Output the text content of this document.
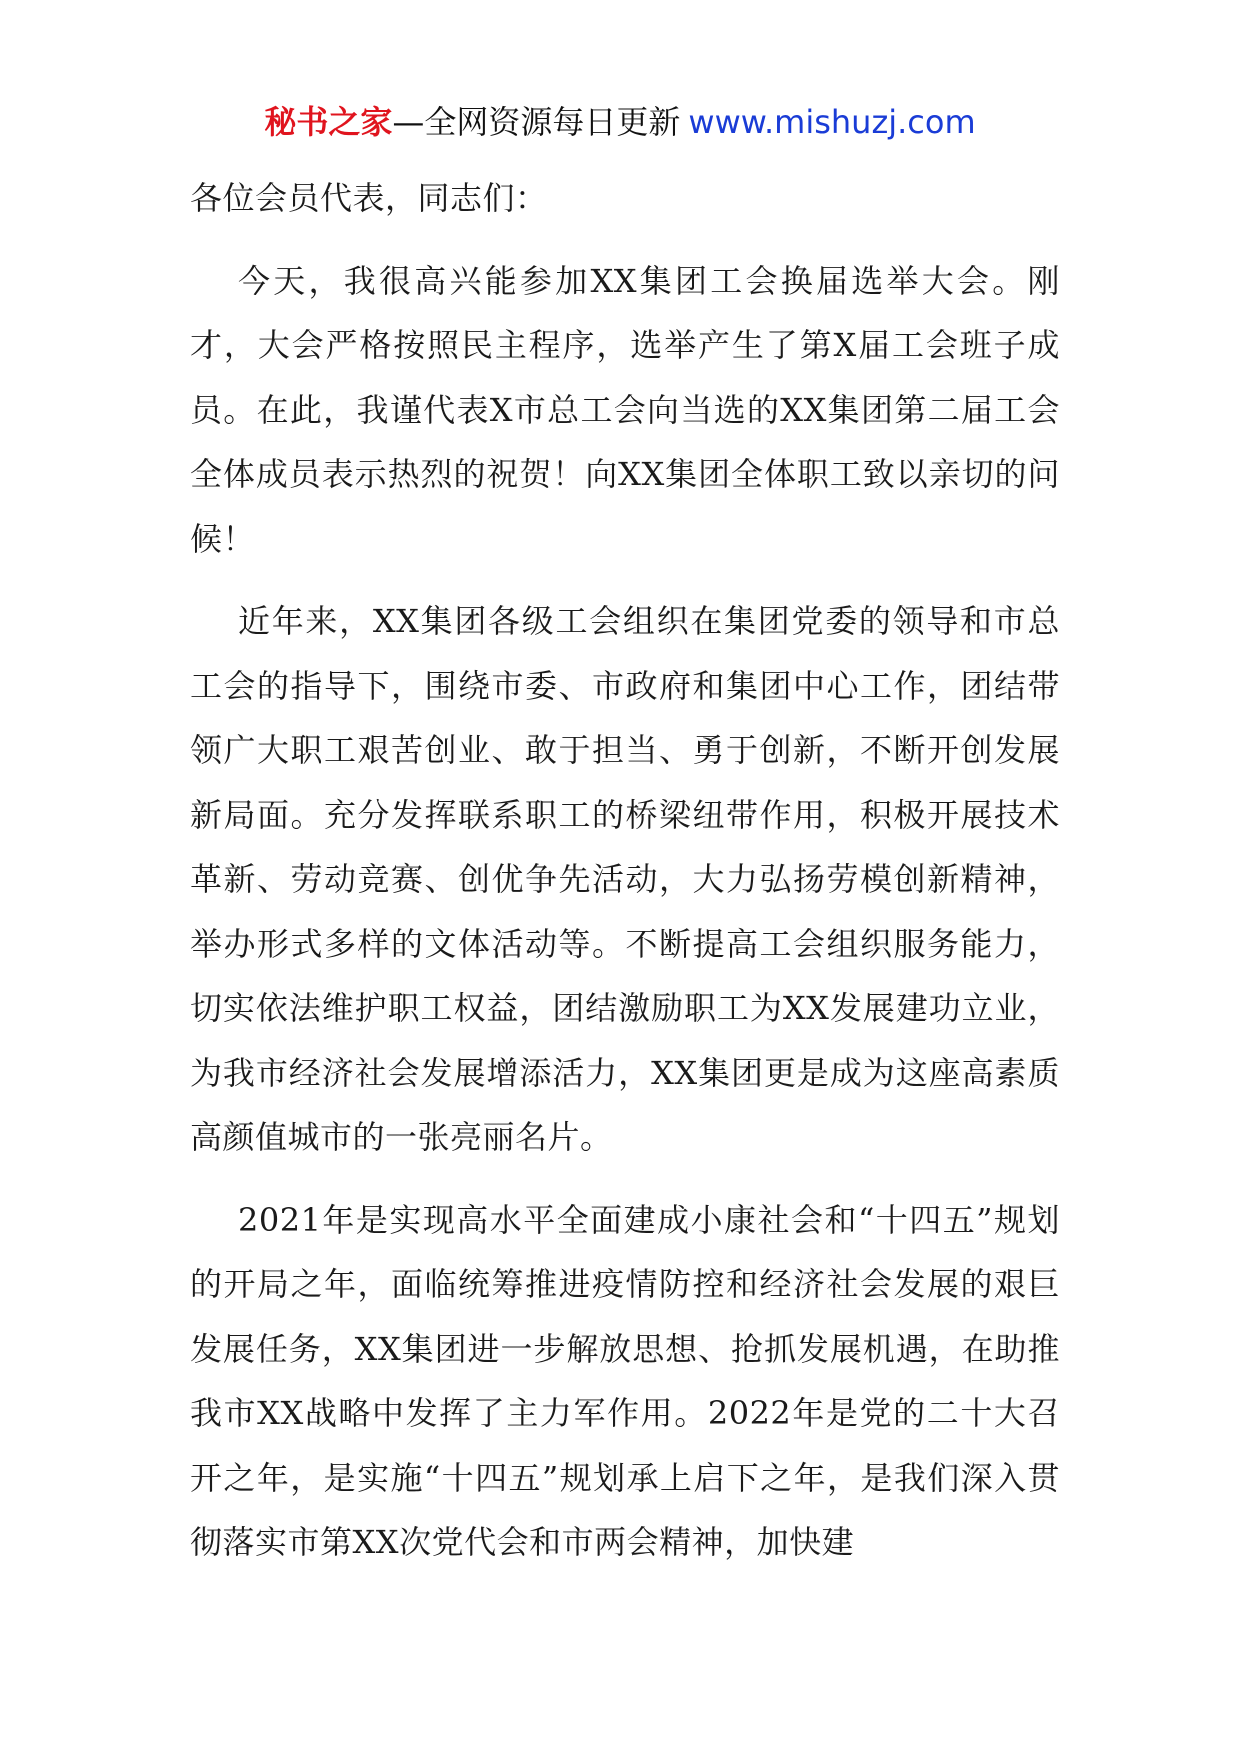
秘书之家—全网资源每日更新 www.mishuzj.com

各位会员代表，同志们：

今天，我很高兴能参加XX集团工会换届选举大会。刚才，大会严格按照民主程序，选举产生了第X届工会班子成员。在此，我谨代表X市总工会向当选的XX集团第二届工会全体成员表示热烈的祝贺！向XX集团全体职工致以亲切的问候！

近年来，XX集团各级工会组织在集团党委的领导和市总工会的指导下，围绕市委、市政府和集团中心工作，团结带领广大职工艰苦创业、敢于担当、勇于创新，不断开创发展新局面。充分发挥联系职工的桥梁纽带作用，积极开展技术革新、劳动竞赛、创优争先活动，大力弘扬劳模创新精神，举办形式多样的文体活动等。不断提高工会组织服务能力，切实依法维护职工权益，团结激励职工为XX发展建功立业，为我市经济社会发展增添活力，XX集团更是成为这座高素质高颜值城市的一张亮丽名片。

2021年是实现高水平全面建成小康社会和“十四五”规划的开局之年，面临统筹推进疫情防控和经济社会发展的艰巨发展任务，XX集团进一步解放思想、抢抓发展机遇，在助推我市XX战略中发挥了主力军作用。2022年是党的二十大召开之年，是实施“十四五”规划承上启下之年，是我们深入贯彻落实市第XX次党代会和市两会精神，加快建
